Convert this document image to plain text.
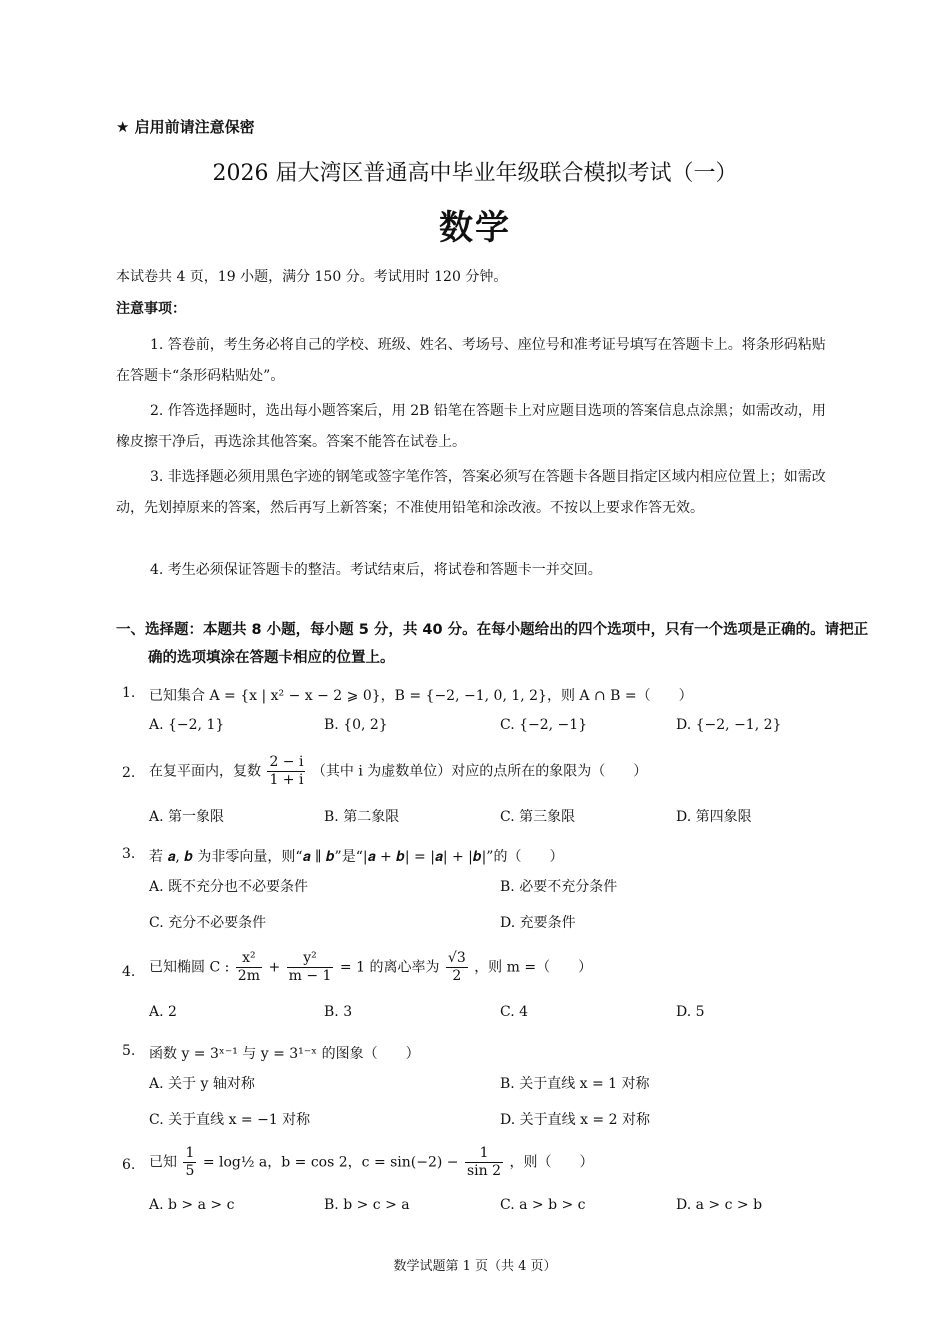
★ 启用前请注意保密
2026 届大湾区普通高中毕业年级联合模拟考试（一）
数学
本试卷共 4 页，19 小题，满分 150 分。考试用时 120 分钟。
注意事项：
1. 答卷前，考生务必将自己的学校、班级、姓名、考场号、座位号和准考证号填写在答题卡上。将条形码粘贴在答题卡“条形码粘贴处”。
2. 作答选择题时，选出每小题答案后，用 2B 铅笔在答题卡上对应题目选项的答案信息点涂黑；如需改动，用橡皮擦干净后，再选涂其他答案。答案不能答在试卷上。
3. 非选择题必须用黑色字迹的钢笔或签字笔作答，答案必须写在答题卡各题目指定区域内相应位置上；如需改动，先划掉原来的答案，然后再写上新答案；不准使用铅笔和涂改液。不按以上要求作答无效。
4. 考生必须保证答题卡的整洁。考试结束后，将试卷和答题卡一并交回。
一、选择题：本题共 8 小题，每小题 5 分，共 40 分。在每小题给出的四个选项中，只有一个选项是正确的。请把正确的选项填涂在答题卡相应的位置上。
1. 已知集合 A = {x | x² − x − 2 ⩾ 0}，B = {−2, −1, 0, 1, 2}，则 A ∩ B =（　　）
A. {−2, 1}	B. {0, 2}	C. {−2, −1}	D. {−2, −1, 2}
2. 在复平面内，复数 $\frac{2 - i}{1 + i}$ （其中 i 为虚数单位）对应的点所在的象限为（　　）
A. 第一象限	B. 第二象限	C. 第三象限	D. 第四象限
3. 若 𝒂, 𝒃 为非零向量，则“𝒂 ∥ 𝒃”是“|𝒂 + 𝒃| = |𝒂| + |𝒃|”的（　　）
A. 既不充分也不必要条件	B. 必要不充分条件
C. 充分不必要条件	D. 充要条件
4. 已知椭圆 C : $\frac{\text{x²}}{2m} + \frac{\text{y²}}{m - 1} = 1$ 的离心率为 $\frac{√3}{2}$ ，则 m =（　　）
A. 2	B. 3	C. 4	D. 5
5. 函数 y = 3ˣ⁻¹ 与 y = 3¹⁻ˣ 的图象（　　）
A. 关于 y 轴对称	B. 关于直线 x = 1 对称
C. 关于直线 x = −1 对称	D. 关于直线 x = 2 对称
6. 已知 $\frac{1}{5}$ = log½ a，b = cos 2，$c = \sin(-2) - \frac{1}{\sin 2}$ ，则（　　）
A. b > a > c	B. b > c > a	C. a > b > c	D. a > c > b
数学试题第 1 页（共 4 页）
